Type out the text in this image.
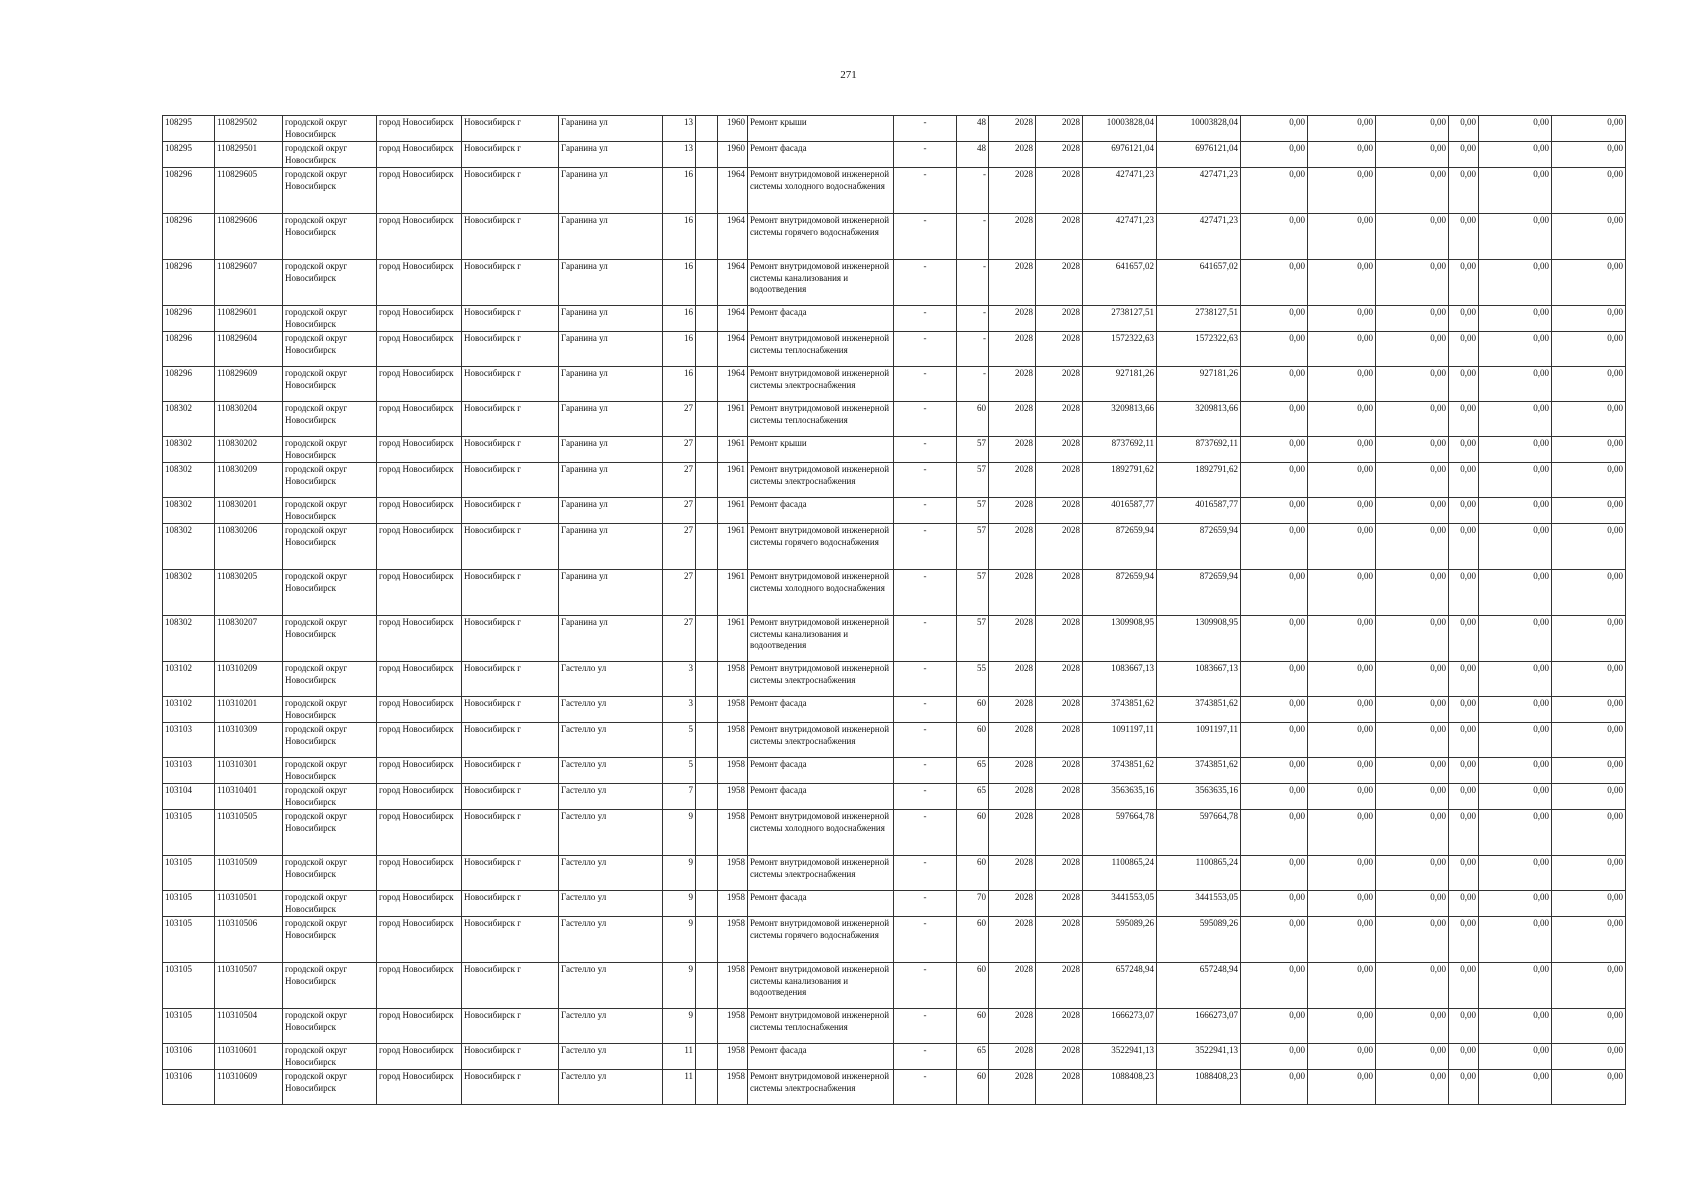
271
108295	110829502	городской округ Новосибирск	город Новосибирск	Новосибирск г	Гаранина ул	13		1960	Ремонт крыши	-	48	2028	2028	10003828,04	10003828,04	0,00	0,00	0,00	0,00	0,00	0,00
108295	110829501	городской округ Новосибирск	город Новосибирск	Новосибирск г	Гаранина ул	13		1960	Ремонт фасада	-	48	2028	2028	6976121,04	6976121,04	0,00	0,00	0,00	0,00	0,00	0,00
108296	110829605	городской округ Новосибирск	город Новосибирск	Новосибирск г	Гаранина ул	16		1964	Ремонт внутридомовой инженерной системы холодного водоснабжения	-	-	2028	2028	427471,23	427471,23	0,00	0,00	0,00	0,00	0,00	0,00
108296	110829606	городской округ Новосибирск	город Новосибирск	Новосибирск г	Гаранина ул	16		1964	Ремонт внутридомовой инженерной системы горячего водоснабжения	-	-	2028	2028	427471,23	427471,23	0,00	0,00	0,00	0,00	0,00	0,00
108296	110829607	городской округ Новосибирск	город Новосибирск	Новосибирск г	Гаранина ул	16		1964	Ремонт внутридомовой инженерной системы канализования и водоотведения	-	-	2028	2028	641657,02	641657,02	0,00	0,00	0,00	0,00	0,00	0,00
108296	110829601	городской округ Новосибирск	город Новосибирск	Новосибирск г	Гаранина ул	16		1964	Ремонт фасада	-	-	2028	2028	2738127,51	2738127,51	0,00	0,00	0,00	0,00	0,00	0,00
108296	110829604	городской округ Новосибирск	город Новосибирск	Новосибирск г	Гаранина ул	16		1964	Ремонт внутридомовой инженерной системы теплоснабжения	-	-	2028	2028	1572322,63	1572322,63	0,00	0,00	0,00	0,00	0,00	0,00
108296	110829609	городской округ Новосибирск	город Новосибирск	Новосибирск г	Гаранина ул	16		1964	Ремонт внутридомовой инженерной системы электроснабжения	-	-	2028	2028	927181,26	927181,26	0,00	0,00	0,00	0,00	0,00	0,00
108302	110830204	городской округ Новосибирск	город Новосибирск	Новосибирск г	Гаранина ул	27		1961	Ремонт внутридомовой инженерной системы теплоснабжения	-	60	2028	2028	3209813,66	3209813,66	0,00	0,00	0,00	0,00	0,00	0,00
108302	110830202	городской округ Новосибирск	город Новосибирск	Новосибирск г	Гаранина ул	27		1961	Ремонт крыши	-	57	2028	2028	8737692,11	8737692,11	0,00	0,00	0,00	0,00	0,00	0,00
108302	110830209	городской округ Новосибирск	город Новосибирск	Новосибирск г	Гаранина ул	27		1961	Ремонт внутридомовой инженерной системы электроснабжения	-	57	2028	2028	1892791,62	1892791,62	0,00	0,00	0,00	0,00	0,00	0,00
108302	110830201	городской округ Новосибирск	город Новосибирск	Новосибирск г	Гаранина ул	27		1961	Ремонт фасада	-	57	2028	2028	4016587,77	4016587,77	0,00	0,00	0,00	0,00	0,00	0,00
108302	110830206	городской округ Новосибирск	город Новосибирск	Новосибирск г	Гаранина ул	27		1961	Ремонт внутридомовой инженерной системы горячего водоснабжения	-	57	2028	2028	872659,94	872659,94	0,00	0,00	0,00	0,00	0,00	0,00
108302	110830205	городской округ Новосибирск	город Новосибирск	Новосибирск г	Гаранина ул	27		1961	Ремонт внутридомовой инженерной системы холодного водоснабжения	-	57	2028	2028	872659,94	872659,94	0,00	0,00	0,00	0,00	0,00	0,00
108302	110830207	городской округ Новосибирск	город Новосибирск	Новосибирск г	Гаранина ул	27		1961	Ремонт внутридомовой инженерной системы канализования и водоотведения	-	57	2028	2028	1309908,95	1309908,95	0,00	0,00	0,00	0,00	0,00	0,00
103102	110310209	городской округ Новосибирск	город Новосибирск	Новосибирск г	Гастелло ул	3		1958	Ремонт внутридомовой инженерной системы электроснабжения	-	55	2028	2028	1083667,13	1083667,13	0,00	0,00	0,00	0,00	0,00	0,00
103102	110310201	городской округ Новосибирск	город Новосибирск	Новосибирск г	Гастелло ул	3		1958	Ремонт фасада	-	60	2028	2028	3743851,62	3743851,62	0,00	0,00	0,00	0,00	0,00	0,00
103103	110310309	городской округ Новосибирск	город Новосибирск	Новосибирск г	Гастелло ул	5		1958	Ремонт внутридомовой инженерной системы электроснабжения	-	60	2028	2028	1091197,11	1091197,11	0,00	0,00	0,00	0,00	0,00	0,00
103103	110310301	городской округ Новосибирск	город Новосибирск	Новосибирск г	Гастелло ул	5		1958	Ремонт фасада	-	65	2028	2028	3743851,62	3743851,62	0,00	0,00	0,00	0,00	0,00	0,00
103104	110310401	городской округ Новосибирск	город Новосибирск	Новосибирск г	Гастелло ул	7		1958	Ремонт фасада	-	65	2028	2028	3563635,16	3563635,16	0,00	0,00	0,00	0,00	0,00	0,00
103105	110310505	городской округ Новосибирск	город Новосибирск	Новосибирск г	Гастелло ул	9		1958	Ремонт внутридомовой инженерной системы холодного водоснабжения	-	60	2028	2028	597664,78	597664,78	0,00	0,00	0,00	0,00	0,00	0,00
103105	110310509	городской округ Новосибирск	город Новосибирск	Новосибирск г	Гастелло ул	9		1958	Ремонт внутридомовой инженерной системы электроснабжения	-	60	2028	2028	1100865,24	1100865,24	0,00	0,00	0,00	0,00	0,00	0,00
103105	110310501	городской округ Новосибирск	город Новосибирск	Новосибирск г	Гастелло ул	9		1958	Ремонт фасада	-	70	2028	2028	3441553,05	3441553,05	0,00	0,00	0,00	0,00	0,00	0,00
103105	110310506	городской округ Новосибирск	город Новосибирск	Новосибирск г	Гастелло ул	9		1958	Ремонт внутридомовой инженерной системы горячего водоснабжения	-	60	2028	2028	595089,26	595089,26	0,00	0,00	0,00	0,00	0,00	0,00
103105	110310507	городской округ Новосибирск	город Новосибирск	Новосибирск г	Гастелло ул	9		1958	Ремонт внутридомовой инженерной системы канализования и водоотведения	-	60	2028	2028	657248,94	657248,94	0,00	0,00	0,00	0,00	0,00	0,00
103105	110310504	городской округ Новосибирск	город Новосибирск	Новосибирск г	Гастелло ул	9		1958	Ремонт внутридомовой инженерной системы теплоснабжения	-	60	2028	2028	1666273,07	1666273,07	0,00	0,00	0,00	0,00	0,00	0,00
103106	110310601	городской округ Новосибирск	город Новосибирск	Новосибирск г	Гастелло ул	11		1958	Ремонт фасада	-	65	2028	2028	3522941,13	3522941,13	0,00	0,00	0,00	0,00	0,00	0,00
103106	110310609	городской округ Новосибирск	город Новосибирск	Новосибирск г	Гастелло ул	11		1958	Ремонт внутридомовой инженерной системы электроснабжения	-	60	2028	2028	1088408,23	1088408,23	0,00	0,00	0,00	0,00	0,00	0,00
